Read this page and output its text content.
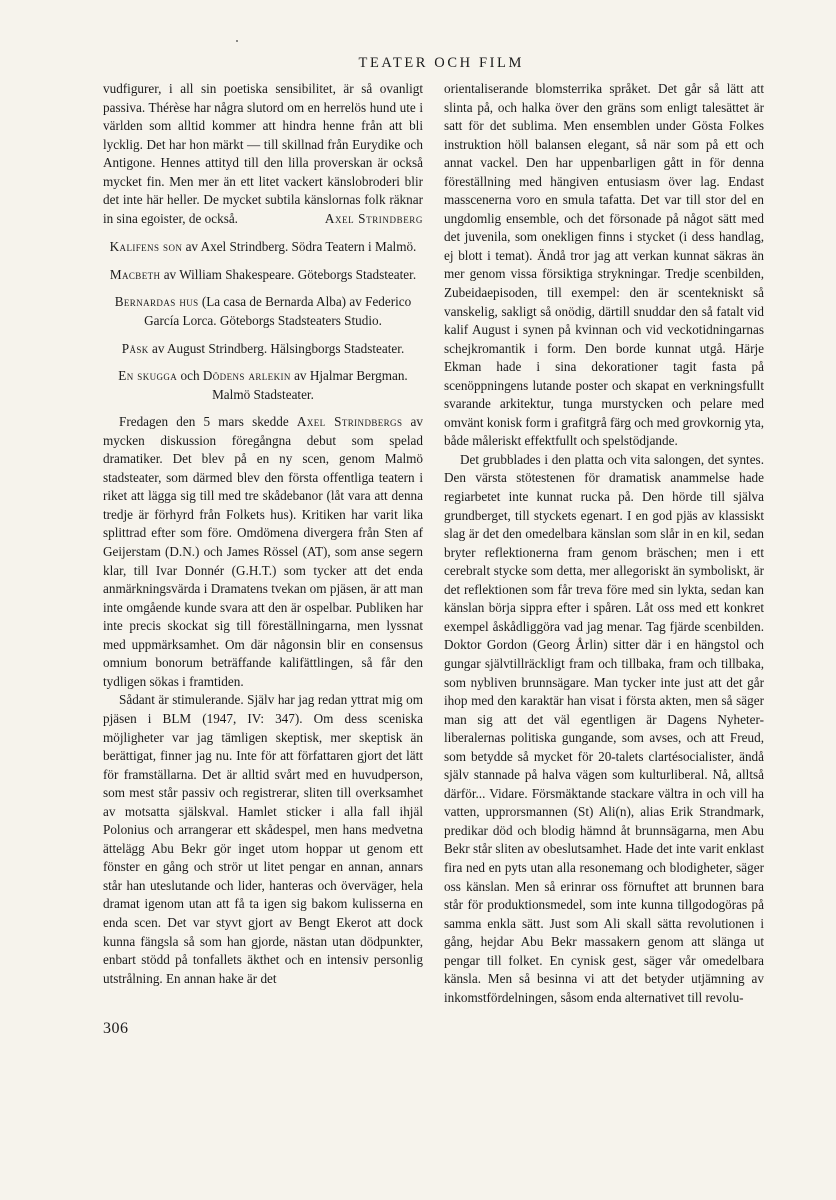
TEATER OCH FILM

vudfigurer, i all sin poetiska sensibilitet, är så ovanligt passiva. Thérèse har några slutord om en herrelös hund ute i världen som alltid kommer att hindra henne från att bli lycklig. Det har hon märkt — till skillnad från Eurydike och Antigone. Hennes attityd till den lilla proverskan är också mycket fin. Men mer än ett litet vackert känslobroderi blir det inte här heller. De mycket subtila känslornas folk räknar in sina egoister, de också.	Axel Strindberg

Kalifens son av Axel Strindberg. Södra Teatern i Malmö.

Macbeth av William Shakespeare. Göteborgs Stadsteater.

Bernardas hus (La casa de Bernarda Alba) av Federico García Lorca. Göteborgs Stadsteaters Studio.

Påsk av August Strindberg. Hälsingborgs Stadsteater.

En skugga och Dödens arlekin av Hjalmar Bergman. Malmö Stadsteater.

Fredagen den 5 mars skedde Axel Strindbergs av mycken diskussion föregångna debut som spelad dramatiker. Det blev på en ny scen, genom Malmö stadsteater, som därmed blev den första offentliga teatern i riket att lägga sig till med tre skådebanor (låt vara att denna tredje är förhyrd från Folkets hus). Kritiken har varit lika splittrad efter som före. Omdömena divergera från Sten af Geijerstam (D.N.) och James Rössel (AT), som anse segern klar, till Ivar Donnér (G.H.T.) som tycker att det enda anmärkningsvärda i Dramatens tvekan om pjäsen, är att man inte omgående kunde svara att den är ospelbar. Publiken har inte precis skockat sig till föreställningarna, men lyssnat med uppmärksamhet. Om där någonsin blir en consensus omnium bonorum beträffande kalifättlingen, så får den tydligen sökas i framtiden.

Sådant är stimulerande. Själv har jag redan yttrat mig om pjäsen i BLM (1947, IV: 347). Om dess sceniska möjligheter var jag tämligen skeptisk, mer skeptisk än berättigat, finner jag nu. Inte för att författaren gjort det lätt för framställarna. Det är alltid svårt med en huvudperson, som mest står passiv och registrerar, sliten till overksamhet av motsatta själskval. Hamlet sticker i alla fall ihjäl Polonius och arrangerar ett skådespel, men hans medvetna ättelägg Abu Bekr gör inget utom hoppar ut genom ett fönster en gång och strör ut litet pengar en annan, annars står han uteslutande och lider, hanteras och överväger, hela dramat igenom utan att få ta igen sig bakom kulisserna en enda scen. Det var styvt gjort av Bengt Ekerot att dock kunna fängsla så som han gjorde, nästan utan dödpunkter, enbart stödd på tonfallets äkthet och en intensiv personlig utstrålning. En annan hake är det

orientaliserande blomsterrika språket. Det går så lätt att slinta på, och halka över den gräns som enligt talesättet är satt för det sublima. Men ensemblen under Gösta Folkes instruktion höll balansen elegant, så när som på ett och annat vackel. Den har uppenbarligen gått in för denna föreställning med hängiven entusiasm över lag. Endast masscenerna voro en smula tafatta. Det var till stor del en ungdomlig ensemble, och det försonade på något sätt med det juvenila, som onekligen finns i stycket (i dess handlag, ej blott i temat). Ändå tror jag att verkan kunnat säkras än mer genom vissa försiktiga strykningar. Tredje scenbilden, Zubeidaepisoden, till exempel: den är scentekniskt så vanskelig, sakligt så onödig, därtill snuddar den så fatalt vid kalif August i synen på kvinnan och vid veckotidningarnas schejkromantik i form. Den borde kunnat utgå. Härje Ekman hade i sina dekorationer tagit fasta på scenöppningens lutande poster och skapat en verkningsfullt svarande arkitektur, tunga murstycken och pelare med omvänt konisk form i grafitgrå färg och med grovkornig yta, både måleriskt effektfullt och spelstödjande.

Det grubblades i den platta och vita salongen, det syntes. Den värsta stötestenen för dramatisk anammelse hade regiarbetet inte kunnat rucka på. Den hörde till själva grundberget, till styckets egenart. I en god pjäs av klassiskt slag är det den omedelbara känslan som slår in en kil, sedan bryter reflektionerna fram genom bräschen; men i ett cerebralt stycke som detta, mer allegoriskt än symboliskt, är det reflektionen som får treva före med sin lykta, sedan kan känslan börja sippra efter i spåren. Låt oss med ett konkret exempel åskådliggöra vad jag menar. Tag fjärde scenbilden. Doktor Gordon (Georg Årlin) sitter där i en hängstol och gungar självtillräckligt fram och tillbaka, fram och tillbaka, som nybliven brunnsägare. Man tycker inte just att det går ihop med den karaktär han visat i första akten, men så säger man sig att det väl egentligen är Dagens Nyheter-liberalernas politiska gungande, som avses, och att Freud, som betydde så mycket för 20-talets clartésocialister, ändå själv stannade på halva vägen som kulturliberal. Nå, alltså därför... Vidare. Försmäktande stackare vältra in och vill ha vatten, upprorsmannen (St) Ali(n), alias Erik Strandmark, predikar död och blodig hämnd åt brunnsägarna, men Abu Bekr står sliten av obeslutsamhet. Hade det inte varit enklast fira ned en pyts utan alla resonemang och blodigheter, säger oss känslan. Men så erinrar oss förnuftet att brunnen bara står för produktionsmedel, som inte kunna tillgodogöras på samma enkla sätt. Just som Ali skall sätta revolutionen i gång, hejdar Abu Bekr massakern genom att slänga ut pengar till folket. En cynisk gest, säger vår omedelbara känsla. Men så besinna vi att det betyder utjämning av inkomstfördelningen, såsom enda alternativet till revolu-

306
